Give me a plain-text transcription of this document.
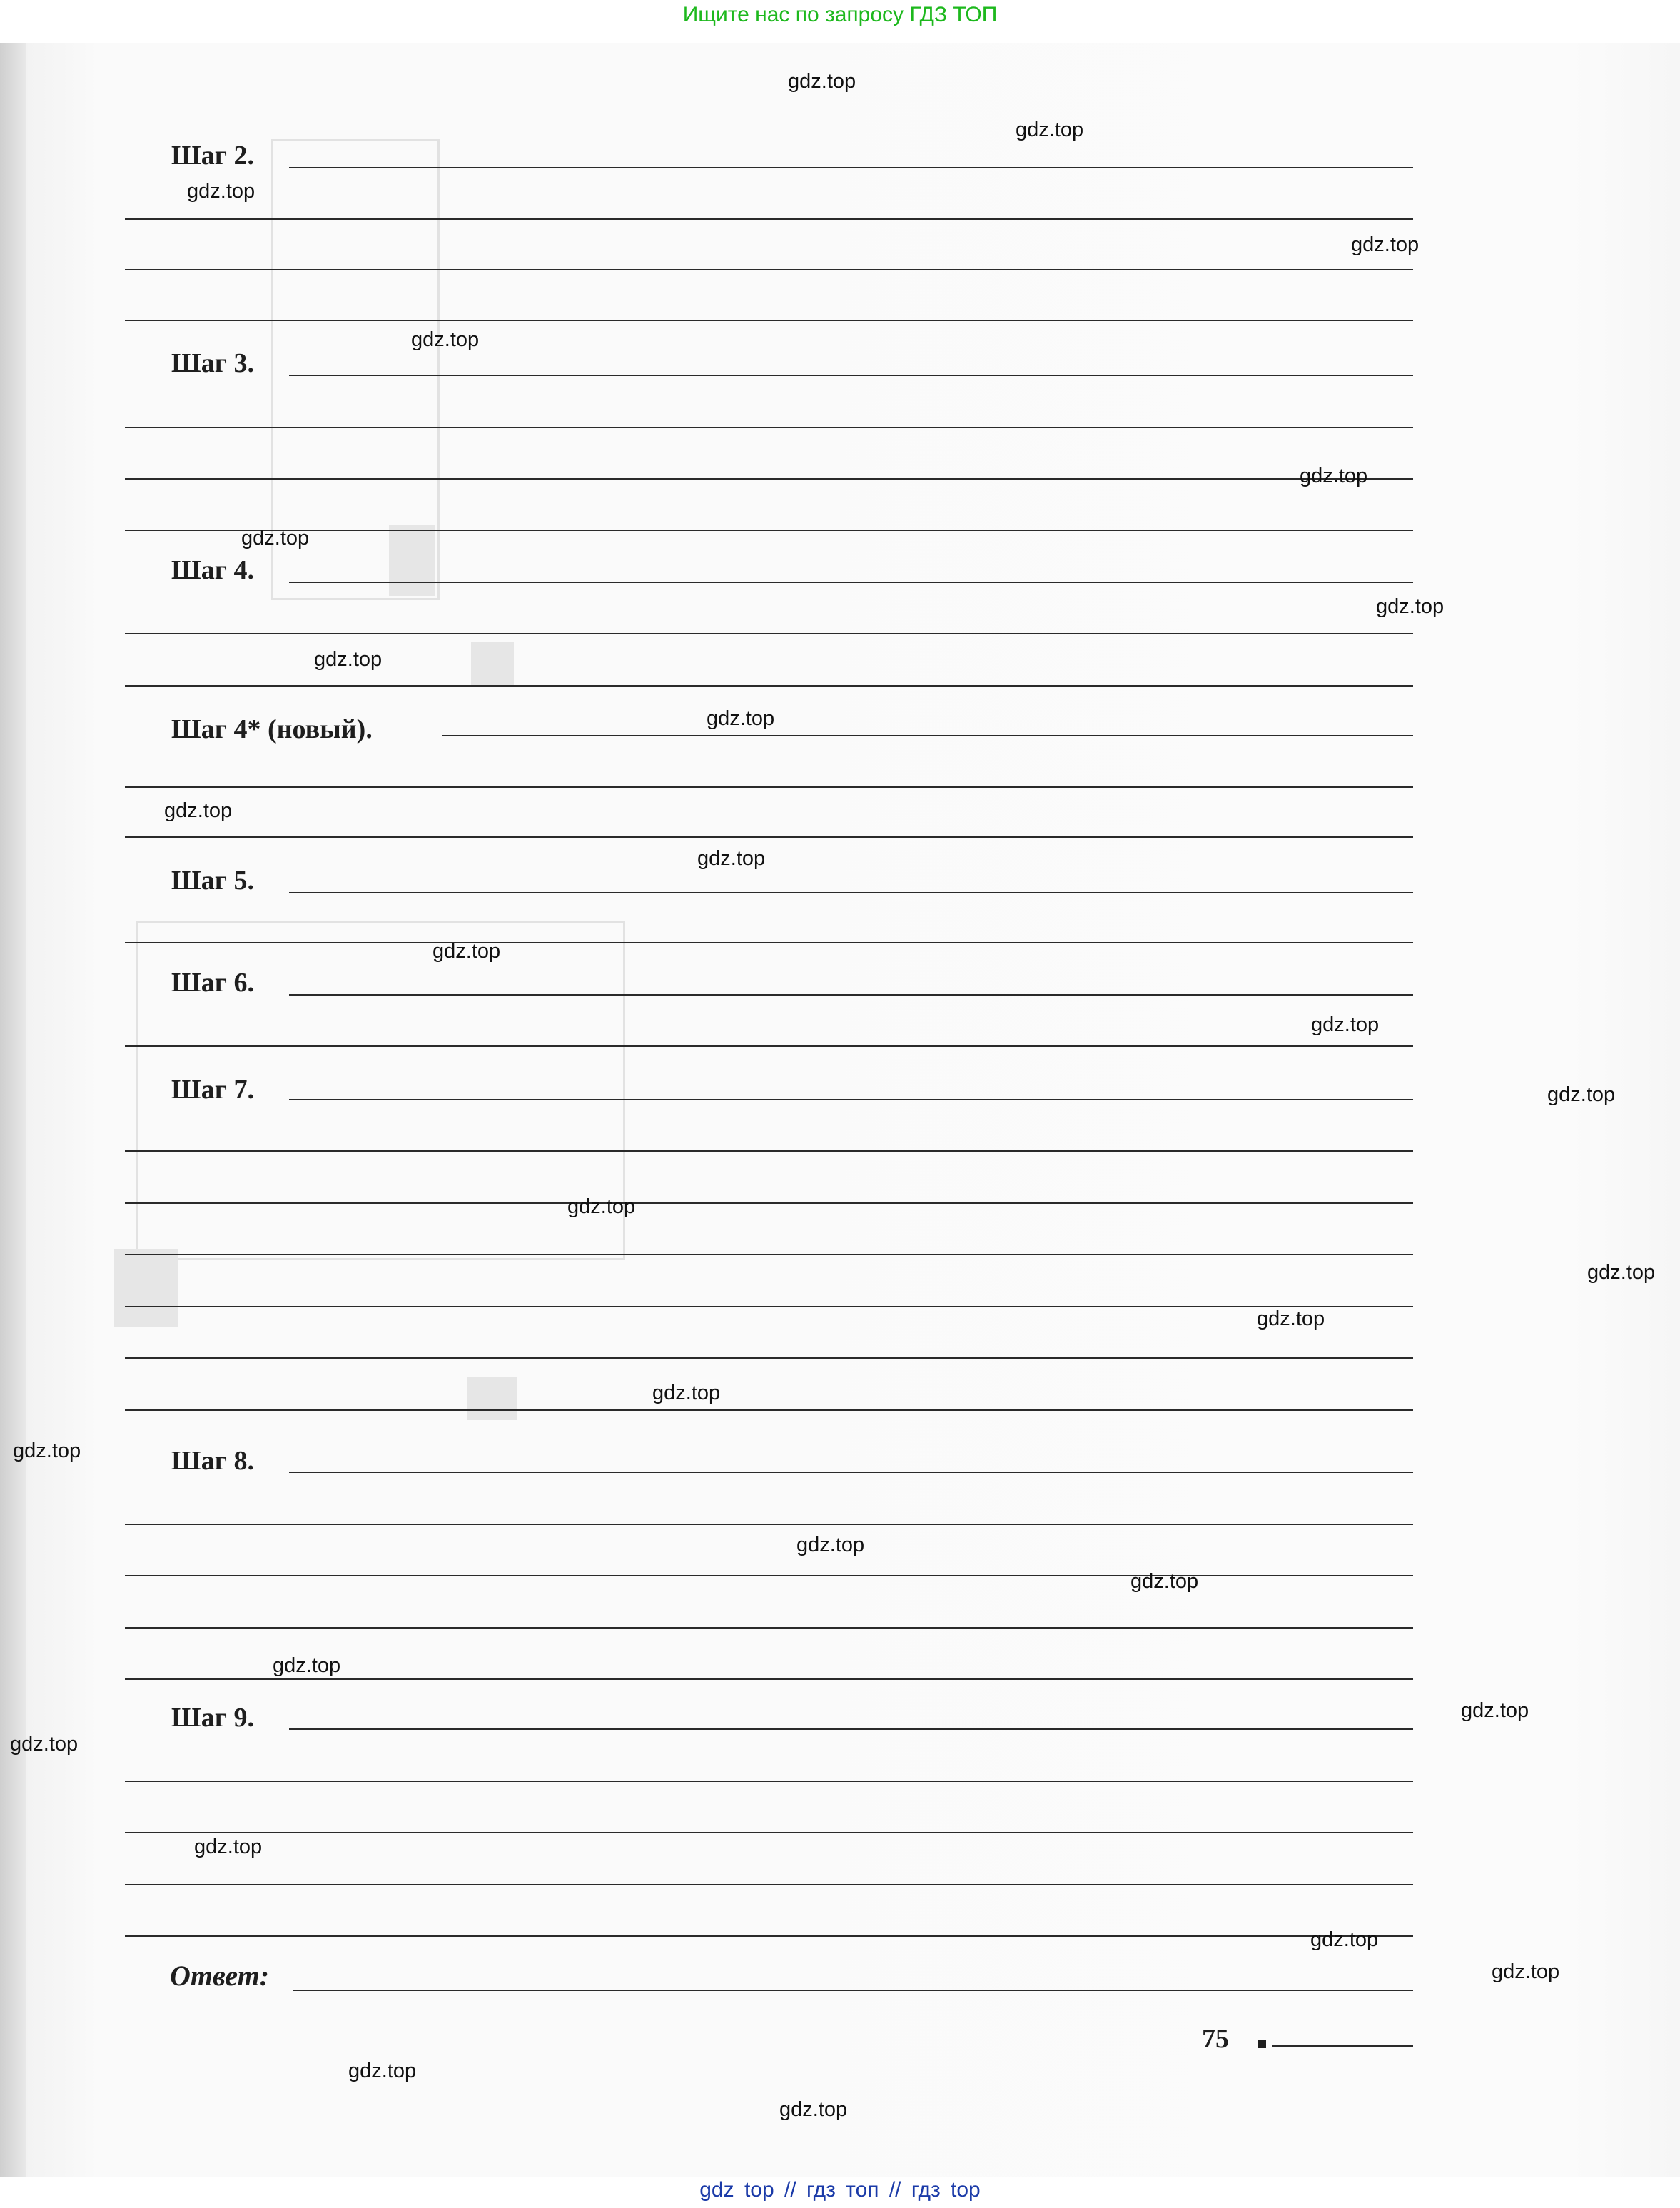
Ищите нас по запросу ГДЗ ТОП
Шаг 2.
Шаг 3.
Шаг 4.
Шаг 4* (новый).
Шаг 5.
Шаг 6.
Шаг 7.
Шаг 8.
Шаг 9.
Ответ:
75
gdz.top
gdz.top
gdz.top
gdz.top
gdz.top
gdz.top
gdz.top
gdz.top
gdz.top
gdz.top
gdz.top
gdz.top
gdz.top
gdz.top
gdz.top
gdz.top
gdz.top
gdz.top
gdz.top
gdz.top
gdz.top
gdz.top
gdz.top
gdz.top
gdz.top
gdz.top
gdz.top
gdz.top
gdz.top
gdz.top
gdz top // гдз топ // гдз top
